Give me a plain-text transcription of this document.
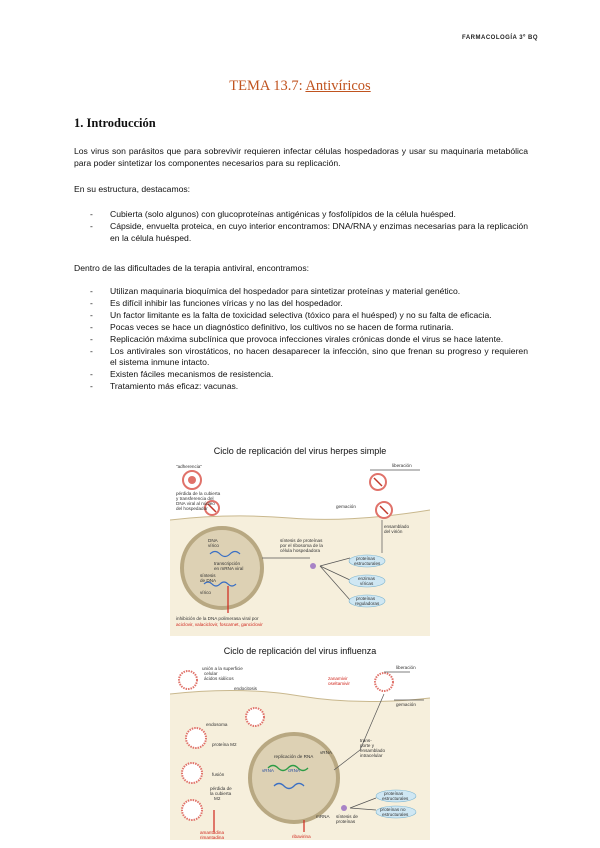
FARMACOLOGÍA 3º BQ
TEMA 13.7: Antivíricos
1. Introducción
Los virus son parásitos que para sobrevivir requieren infectar células hospedadoras y usar su maquinaria metabólica para poder sintetizar los componentes necesarios para su replicación.
En su estructura, destacamos:
- Cubierta (solo algunos) con glucoproteínas antigénicas y fosfolípidos de la célula huésped.
- Cápside, envuelta proteica, en cuyo interior encontramos: DNA/RNA y enzimas necesarias para la replicación en la célula huésped.
Dentro de las dificultades de la terapia antiviral, encontramos:
- Utilizan maquinaria bioquímica del hospedador para sintetizar proteínas y material genético.
- Es difícil inhibir las funciones víricas y no las del hospedador.
- Un factor limitante es la falta de toxicidad selectiva (tóxico para el huésped) y no su falta de eficacia.
- Pocas veces se hace un diagnóstico definitivo, los cultivos no se hacen de forma rutinaria.
- Replicación máxima subclínica que provoca infecciones virales crónicas donde el virus se hace latente.
- Los antivirales son virostáticos, no hacen desaparecer la infección, sino que frenan su progreso y requieren el sistema inmune intacto.
- Existen fáciles mecanismos de resistencia.
- Tratamiento más eficaz: vacunas.
Ciclo de replicación del virus herpes simple
"adherencia"
pérdida de la cubierta
y transferencia del
DNA viral al núcleo
del hospedador
DNA
vírico
transcripción
en mRNA viral
síntesis
de DNA
vírico
síntesis de proteínas
por el ribosoma de la
célula hospedadora
gemación
liberación
ensamblado
del virión
proteínas
estructurales
enzimas
víricas
proteínas
reguladoras
inhibición de la DNA polimerasa viral por
aciclovir, valaciclovir, foscarnet, ganciclovir
Ciclo de replicación del virus influenza
unión a la superficie
celular
ácidos siálicos
endocitosis
endosoma
proteína M2
fusión
pérdida de
la cubierta
M2
replicación de RNA
vRNA	cRNA
vRNA
mRNA síntesis de
proteínas
zanamivir
oseltamivir
liberación
gemación
trans-
porte y
ensamblado
intracelular
proteínas
estructurales
proteínas no
estructurales
amantadina
rimantadina	ribavirina
